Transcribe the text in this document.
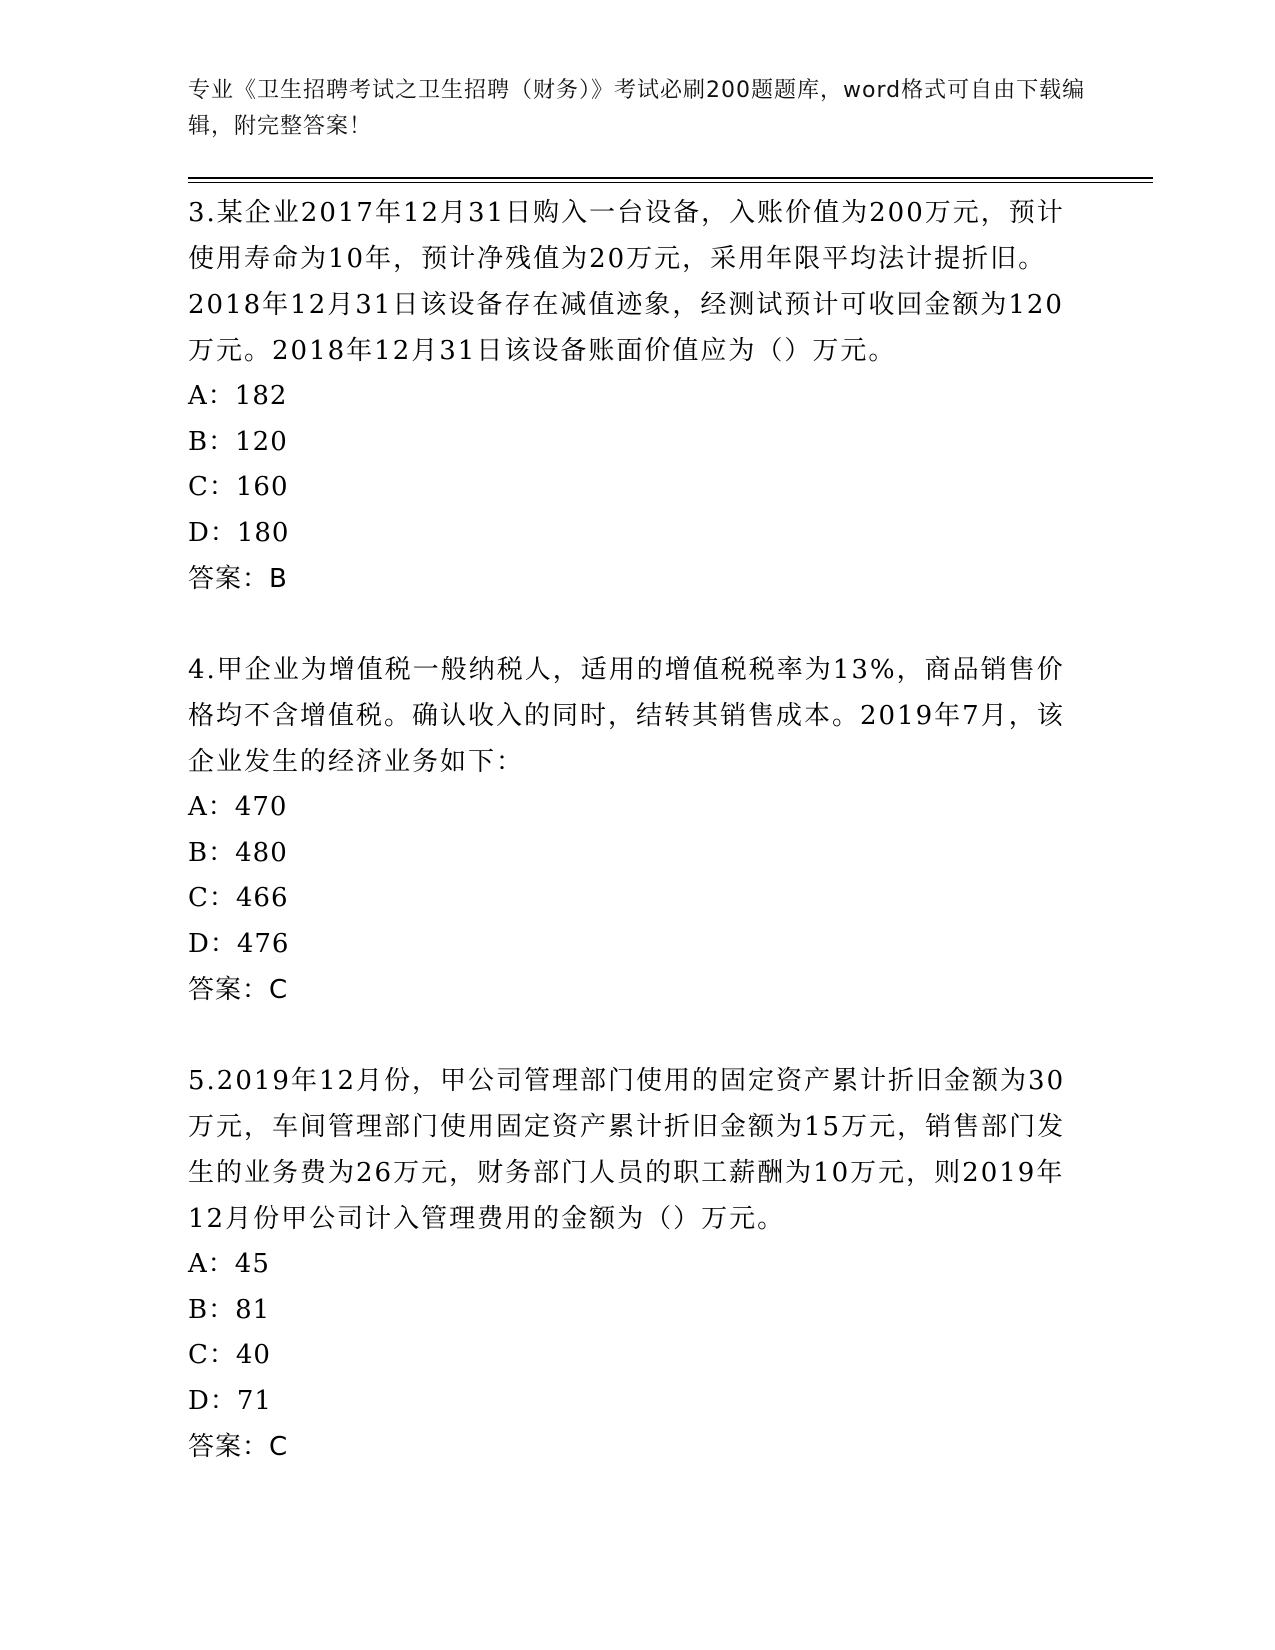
专业《卫生招聘考试之卫生招聘（财务）》考试必刷200题题库，word格式可自由下载编辑，附完整答案！
3.某企业2017年12月31日购入一台设备，入账价值为200万元，预计使用寿命为10年，预计净残值为20万元，采用年限平均法计提折旧。2018年12月31日该设备存在减值迹象，经测试预计可收回金额为120万元。2018年12月31日该设备账面价值应为（）万元。
A：182
B：120
C：160
D：180
答案：B
4.甲企业为增值税一般纳税人，适用的增值税税率为13%，商品销售价格均不含增值税。确认收入的同时，结转其销售成本。2019年7月，该企业发生的经济业务如下：
A：470
B：480
C：466
D：476
答案：C
5.2019年12月份，甲公司管理部门使用的固定资产累计折旧金额为30万元，车间管理部门使用固定资产累计折旧金额为15万元，销售部门发生的业务费为26万元，财务部门人员的职工薪酬为10万元，则2019年12月份甲公司计入管理费用的金额为（）万元。
A：45
B：81
C：40
D：71
答案：C
